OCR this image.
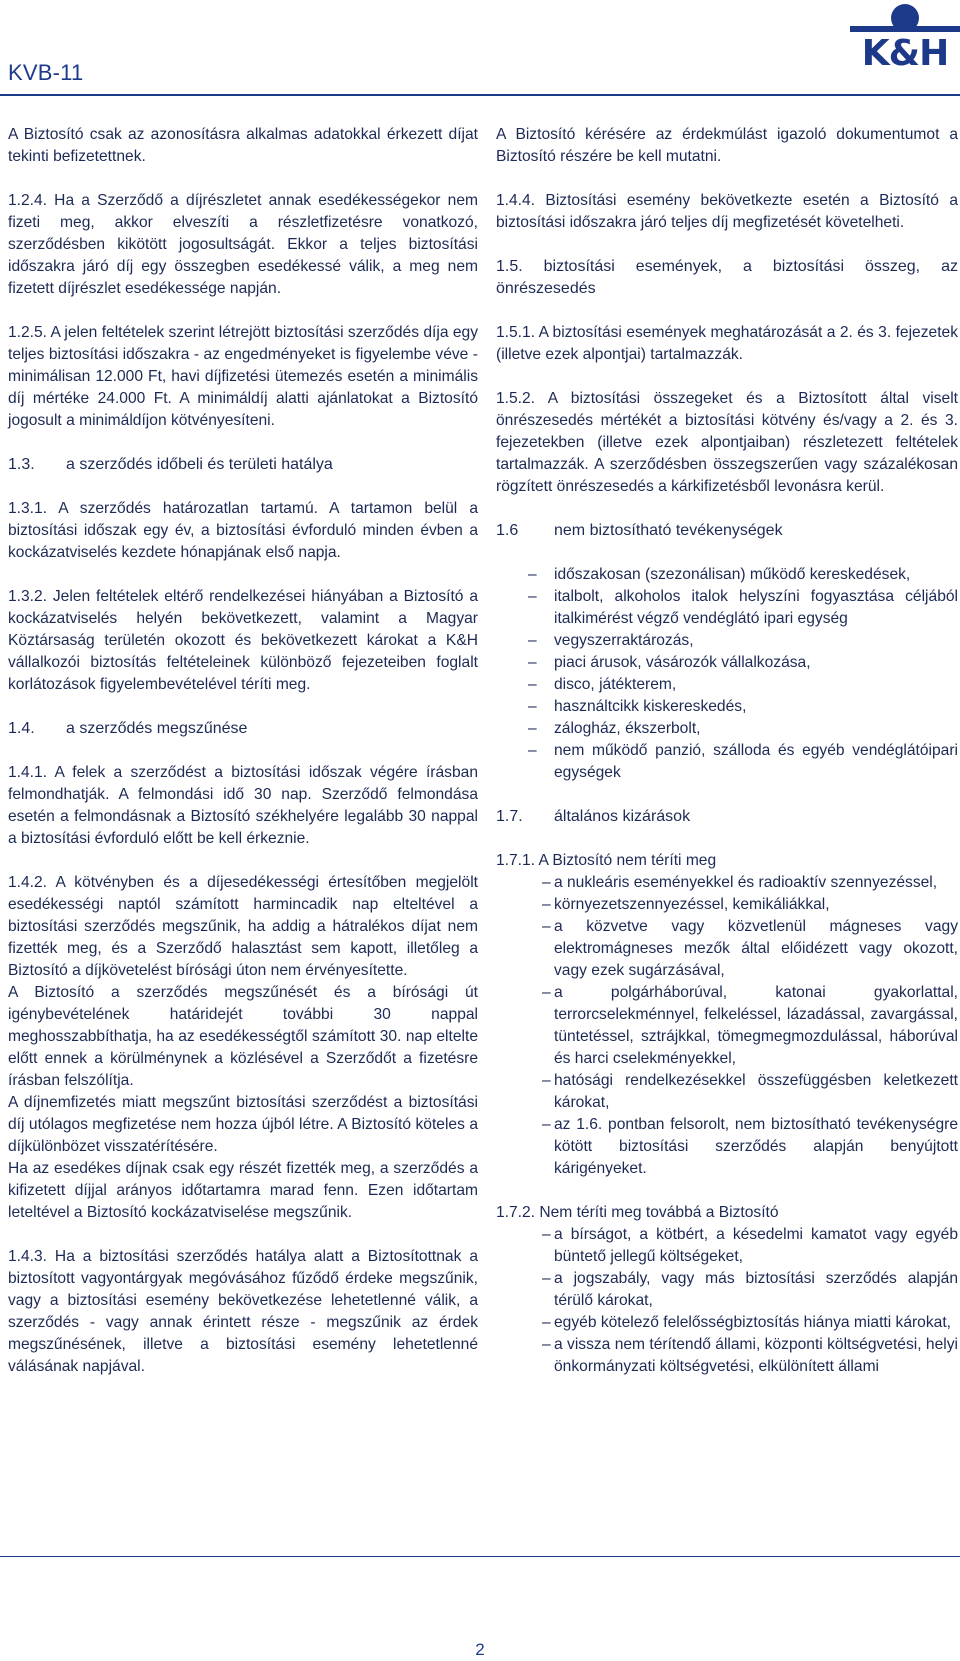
KVB-11	K&H

A Biztosító csak az azonosításra alkalmas adatokkal érkezett díjat tekinti befizetettnek.

1.2.4. Ha a Szerződő a díjrészletet annak esedékességekor nem fizeti meg, akkor elveszíti a részletfizetésre vonatkozó, szerződésben kikötött jogosultságát. Ekkor a teljes biztosítási időszakra járó díj egy összegben esedékessé válik, a meg nem fizetett díjrészlet esedékessége napján.

1.2.5. A jelen feltételek szerint létrejött biztosítási szerződés díja egy teljes biztosítási időszakra - az engedményeket is figyelembe véve - minimálisan 12.000 Ft, havi díjfizetési ütemezés esetén a minimális díj mértéke 24.000 Ft. A minimáldíj alatti ajánlatokat a Biztosító jogosult a minimáldíjon kötvényesíteni.

1.3. a szerződés időbeli és területi hatálya

1.3.1. A szerződés határozatlan tartamú. A tartamon belül a biztosítási időszak egy év, a biztosítási évforduló minden évben a kockázatviselés kezdete hónapjának első napja.

1.3.2. Jelen feltételek eltérő rendelkezései hiányában a Biztosító a kockázatviselés helyén bekövetkezett, valamint a Magyar Köztársaság területén okozott és bekövetkezett károkat a K&H vállalkozói biztosítás feltételeinek különböző fejezeteiben foglalt korlátozások figyelembevételével téríti meg.

1.4. a szerződés megszűnése

1.4.1. A felek a szerződést a biztosítási időszak végére írásban felmondhatják. A felmondási idő 30 nap. Szerződő felmondása esetén a felmondásnak a Biztosító székhelyére legalább 30 nappal a biztosítási évforduló előtt be kell érkeznie.

1.4.2. A kötvényben és a díjesedékességi értesítőben megjelölt esedékességi naptól számított harmincadik nap elteltével a biztosítási szerződés megszűnik, ha addig a hátralékos díjat nem fizették meg, és a Szerződő halasztást sem kapott, illetőleg a Biztosító a díjkövetelést bírósági úton nem érvényesítette.

A Biztosító a szerződés megszűnését és a bírósági út igénybevételének határidejét további 30 nappal meghosszabbíthatja, ha az esedékességtől számított 30. nap eltelte előtt ennek a körülménynek a közlésével a Szerződőt a fizetésre írásban felszólítja.

A díjnemfizetés miatt megszűnt biztosítási szerződést a biztosítási díj utólagos megfizetése nem hozza újból létre. A Biztosító köteles a díjkülönbözet visszatérítésére.

Ha az esedékes díjnak csak egy részét fizették meg, a szerződés a kifizetett díjjal arányos időtartamra marad fenn. Ezen időtartam leteltével a Biztosító kockázatviselése megszűnik.

1.4.3. Ha a biztosítási szerződés hatálya alatt a Biztosítottnak a biztosított vagyontárgyak megóvásához fűződő érdeke megszűnik, vagy a biztosítási esemény bekövetkezése lehetetlenné válik, a szerződés - vagy annak érintett része - megszűnik az érdek megszűnésének, illetve a biztosítási esemény lehetetlenné válásának napjával.

A Biztosító kérésére az érdekmúlást igazoló dokumentumot a Biztosító részére be kell mutatni.

1.4.4. Biztosítási esemény bekövetkezte esetén a Biztosító a biztosítási időszakra járó teljes díj megfizetését követelheti.

1.5. biztosítási események, a biztosítási összeg, az önrészesedés

1.5.1. A biztosítási események meghatározását a 2. és 3. fejezetek (illetve ezek alpontjai) tartalmazzák.

1.5.2. A biztosítási összegeket és a Biztosított által viselt önrészesedés mértékét a biztosítási kötvény és/vagy a 2. és 3. fejezetekben (illetve ezek alpontjaiban) részletezett feltételek tartalmazzák. A szerződésben összegszerűen vagy százalékosan rögzített önrészesedés a kárkifizetésből levonásra kerül.

1.6 nem biztosítható tevékenységek
– időszakosan (szezonálisan) működő kereskedések,
– italbolt, alkoholos italok helyszíni fogyasztása céljából italkimérést végző vendéglátó ipari egység
– vegyszerraktározás,
– piaci árusok, vásározók vállalkozása,
– disco, játékterem,
– használtcikk kiskereskedés,
– zálogház, ékszerbolt,
– nem működő panzió, szálloda és egyéb vendéglátóipari egységek
1.7. általános kizárások

1.7.1. A Biztosító nem téríti meg

– a nukleáris eseményekkel és radioaktív szennyezéssel,
– környezetszennyezéssel, kemikáliákkal,
– a közvetve vagy közvetlenül mágneses vagy elektromágneses mezők által előidézett vagy okozott, vagy ezek sugárzásával,
– a polgárháborúval, katonai gyakorlattal, terrorcselekménnyel, felkeléssel, lázadással, zavargással, tüntetéssel, sztrájkkal, tömegmegmozdulással, háborúval és harci cselekményekkel,
– hatósági rendelkezésekkel összefüggésben keletkezett károkat,
– az 1.6. pontban felsorolt, nem biztosítható tevékenységre kötött biztosítási szerződés alapján benyújtott kárigényeket.

1.7.2. Nem téríti meg továbbá a Biztosító

– a bírságot, a kötbért, a késedelmi kamatot vagy egyéb büntető jellegű költségeket,
– a jogszabály, vagy más biztosítási szerződés alapján térülő károkat,
– egyéb kötelező felelősségbiztosítás hiánya miatti károkat,
– a vissza nem térítendő állami, központi költségvetési, helyi önkormányzati költségvetési, elkülönített állami
2
